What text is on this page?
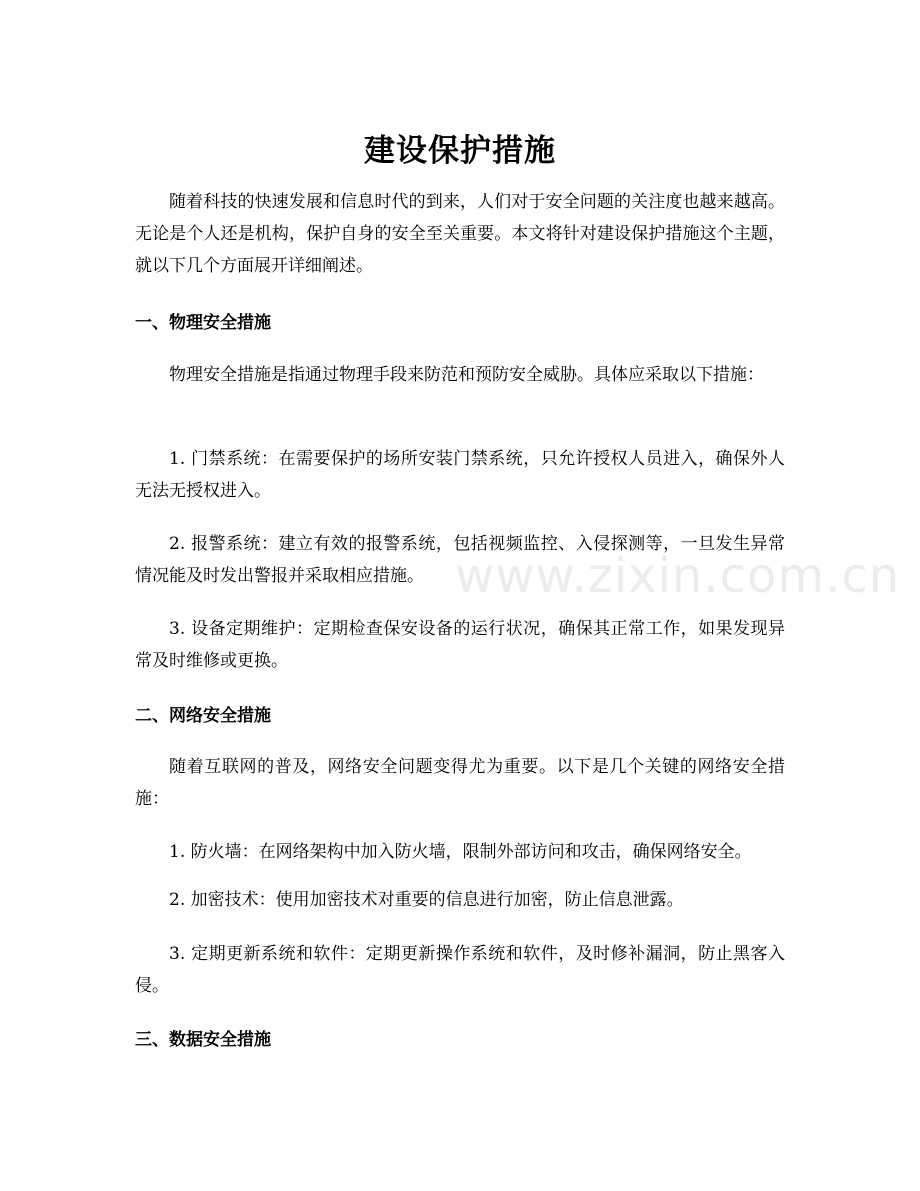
建设保护措施

随着科技的快速发展和信息时代的到来，人们对于安全问题的关注度也越来越高。无论是个人还是机构，保护自身的安全至关重要。本文将针对建设保护措施这个主题，就以下几个方面展开详细阐述。

一、物理安全措施

物理安全措施是指通过物理手段来防范和预防安全威胁。具体应采取以下措施：

1. 门禁系统：在需要保护的场所安装门禁系统，只允许授权人员进入，确保外人无法无授权进入。

2. 报警系统：建立有效的报警系统，包括视频监控、入侵探测等，一旦发生异常情况能及时发出警报并采取相应措施。

3. 设备定期维护：定期检查保安设备的运行状况，确保其正常工作，如果发现异常及时维修或更换。

二、网络安全措施

随着互联网的普及，网络安全问题变得尤为重要。以下是几个关键的网络安全措施：

1. 防火墙：在网络架构中加入防火墙，限制外部访问和攻击，确保网络安全。

2. 加密技术：使用加密技术对重要的信息进行加密，防止信息泄露。

3. 定期更新系统和软件：定期更新操作系统和软件，及时修补漏洞，防止黑客入侵。

三、数据安全措施
www.zixin.com.cn
